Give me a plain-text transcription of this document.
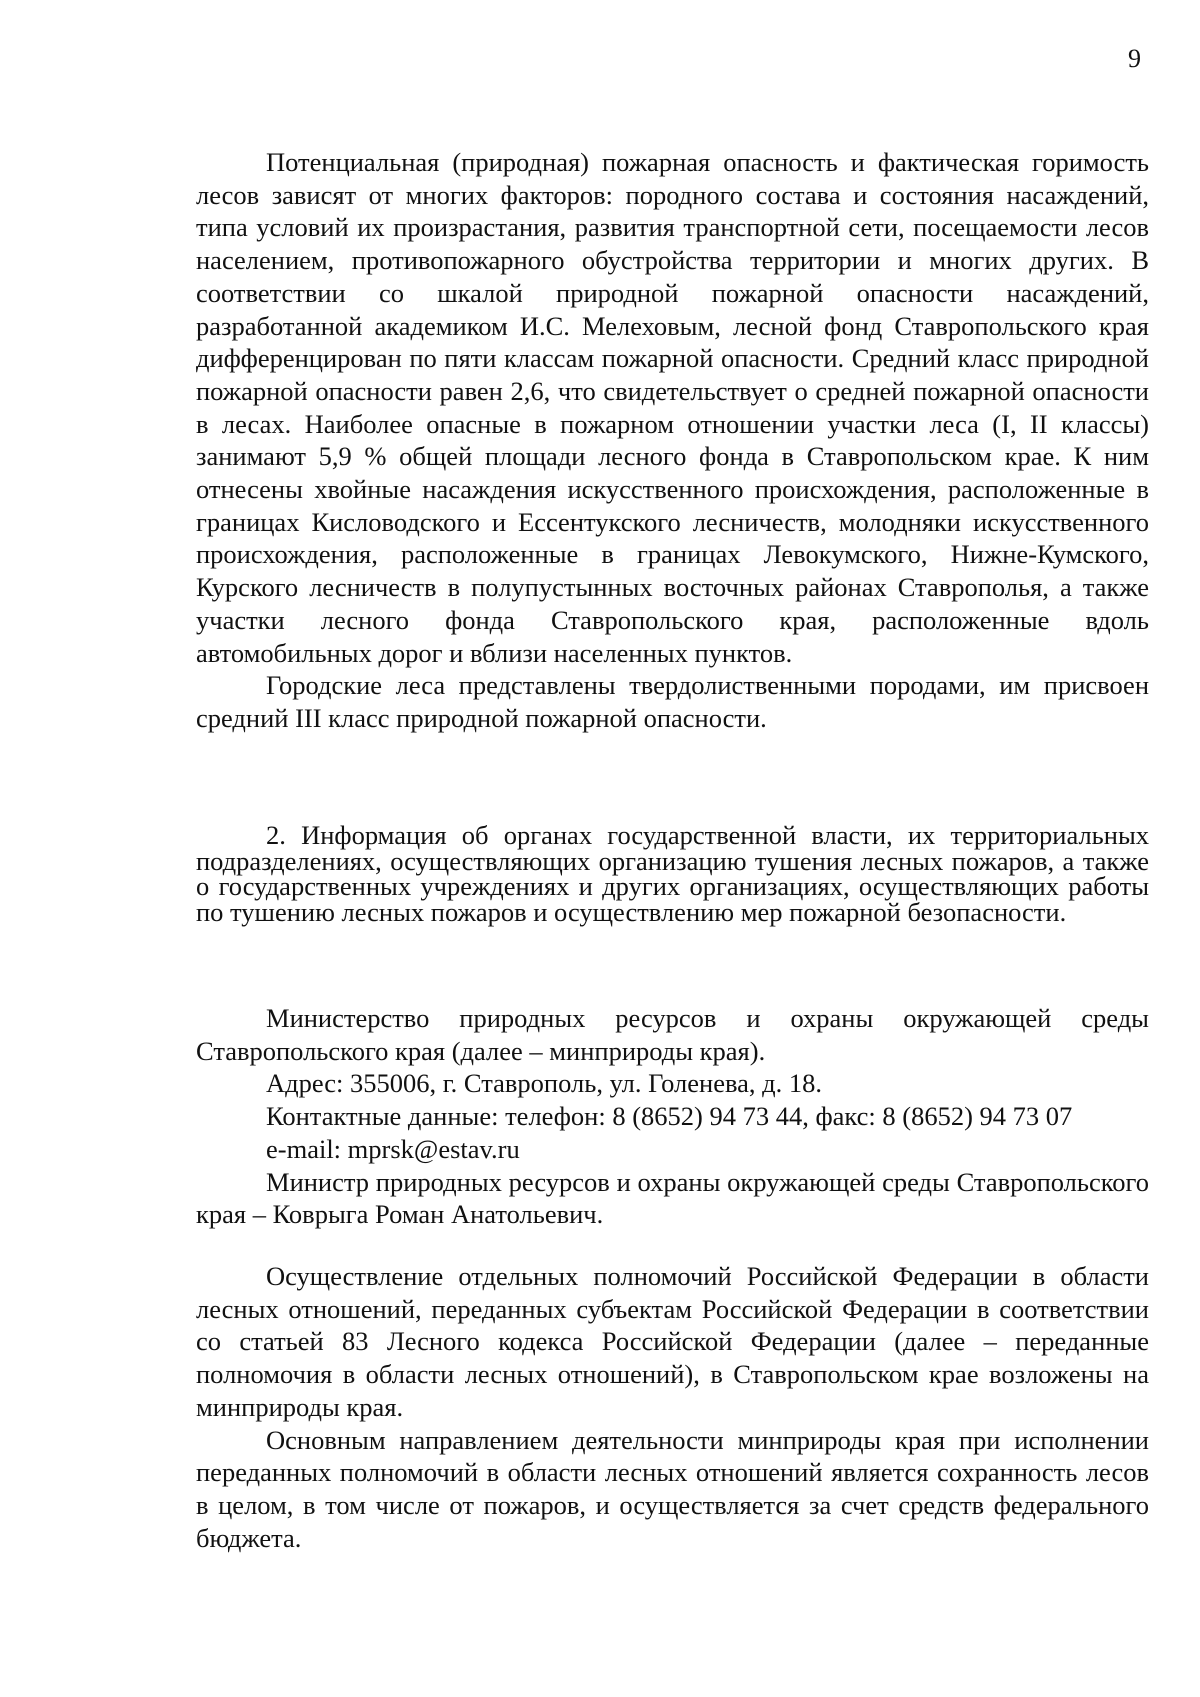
9

Потенциальная (природная) пожарная опасность и фактическая горимость лесов зависят от многих факторов: породного состава и состояния насаждений, типа условий их произрастания, развития транспортной сети, посещаемости лесов населением, противопожарного обустройства территории и многих других. В соответствии со шкалой природной пожарной опасности насаждений, разработанной академиком И.С. Мелеховым, лесной фонд Ставропольского края дифференцирован по пяти классам пожарной опасности. Средний класс природной пожарной опасности равен 2,6, что свидетельствует о средней пожарной опасности в лесах. Наиболее опасные в пожарном отношении участки леса (I, II классы) занимают 5,9 % общей площади лесного фонда в Ставропольском крае. К ним отнесены хвойные насаждения искусственного происхождения, расположенные в границах Кисловодского и Ессентукского лесничеств, молодняки искусственного происхождения, расположенные в границах Левокумского, Нижне-Кумского, Курского лесничеств в полупустынных восточных районах Ставрополья, а также участки лесного фонда Ставропольского края, расположенные вдоль автомобильных дорог и вблизи населенных пунктов.

Городские леса представлены твердолиственными породами, им присвоен средний III класс природной пожарной опасности.

2. Информация об органах государственной власти, их территориальных подразделениях, осуществляющих организацию тушения лесных пожаров, а также о государственных учреждениях и других организациях, осуществляющих работы по тушению лесных пожаров и осуществлению мер пожарной безопасности.

Министерство природных ресурсов и охраны окружающей среды Ставропольского края (далее – минприроды края).

Адрес: 355006, г. Ставрополь, ул. Голенева, д. 18.

Контактные данные: телефон: 8 (8652) 94 73 44, факс: 8 (8652) 94 73 07

e-mail: mprsk@estav.ru

Министр природных ресурсов и охраны окружающей среды Ставропольского края – Коврыга Роман Анатольевич.

Осуществление отдельных полномочий Российской Федерации в области лесных отношений, переданных субъектам Российской Федерации в соответствии со статьей 83 Лесного кодекса Российской Федерации (далее – переданные полномочия в области лесных отношений), в Ставропольском крае возложены на минприроды края.

Основным направлением деятельности минприроды края при исполнении переданных полномочий в области лесных отношений является сохранность лесов в целом, в том числе от пожаров, и осуществляется за счет средств федерального бюджета.
